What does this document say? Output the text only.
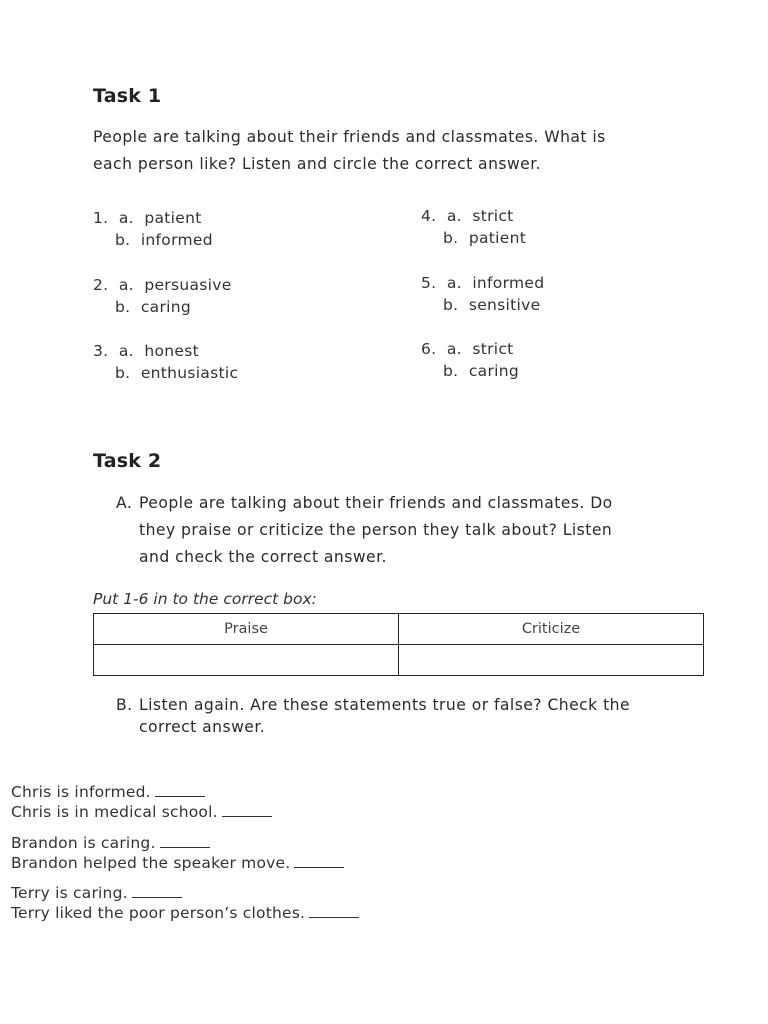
Task 1
People are talking about their friends and classmates. What is
each person like? Listen and circle the correct answer.
1.  a.  patient
b.  informed
2.  a.  persuasive
b.  caring
3.  a.  honest
b.  enthusiastic
4.  a.  strict
b.  patient
5.  a.  informed
b.  sensitive
6.  a.  strict
b.  caring
Task 2
A. People are talking about their friends and classmates. Do
they praise or criticize the person they talk about? Listen
and check the correct answer.
Put 1-6 in to the correct box:
Praise	Criticize

B. Listen again. Are these statements true or false? Check the
correct answer.
Chris is informed.
Chris is in medical school.
Brandon is caring.
Brandon helped the speaker move.
Terry is caring.
Terry liked the poor person’s clothes.
